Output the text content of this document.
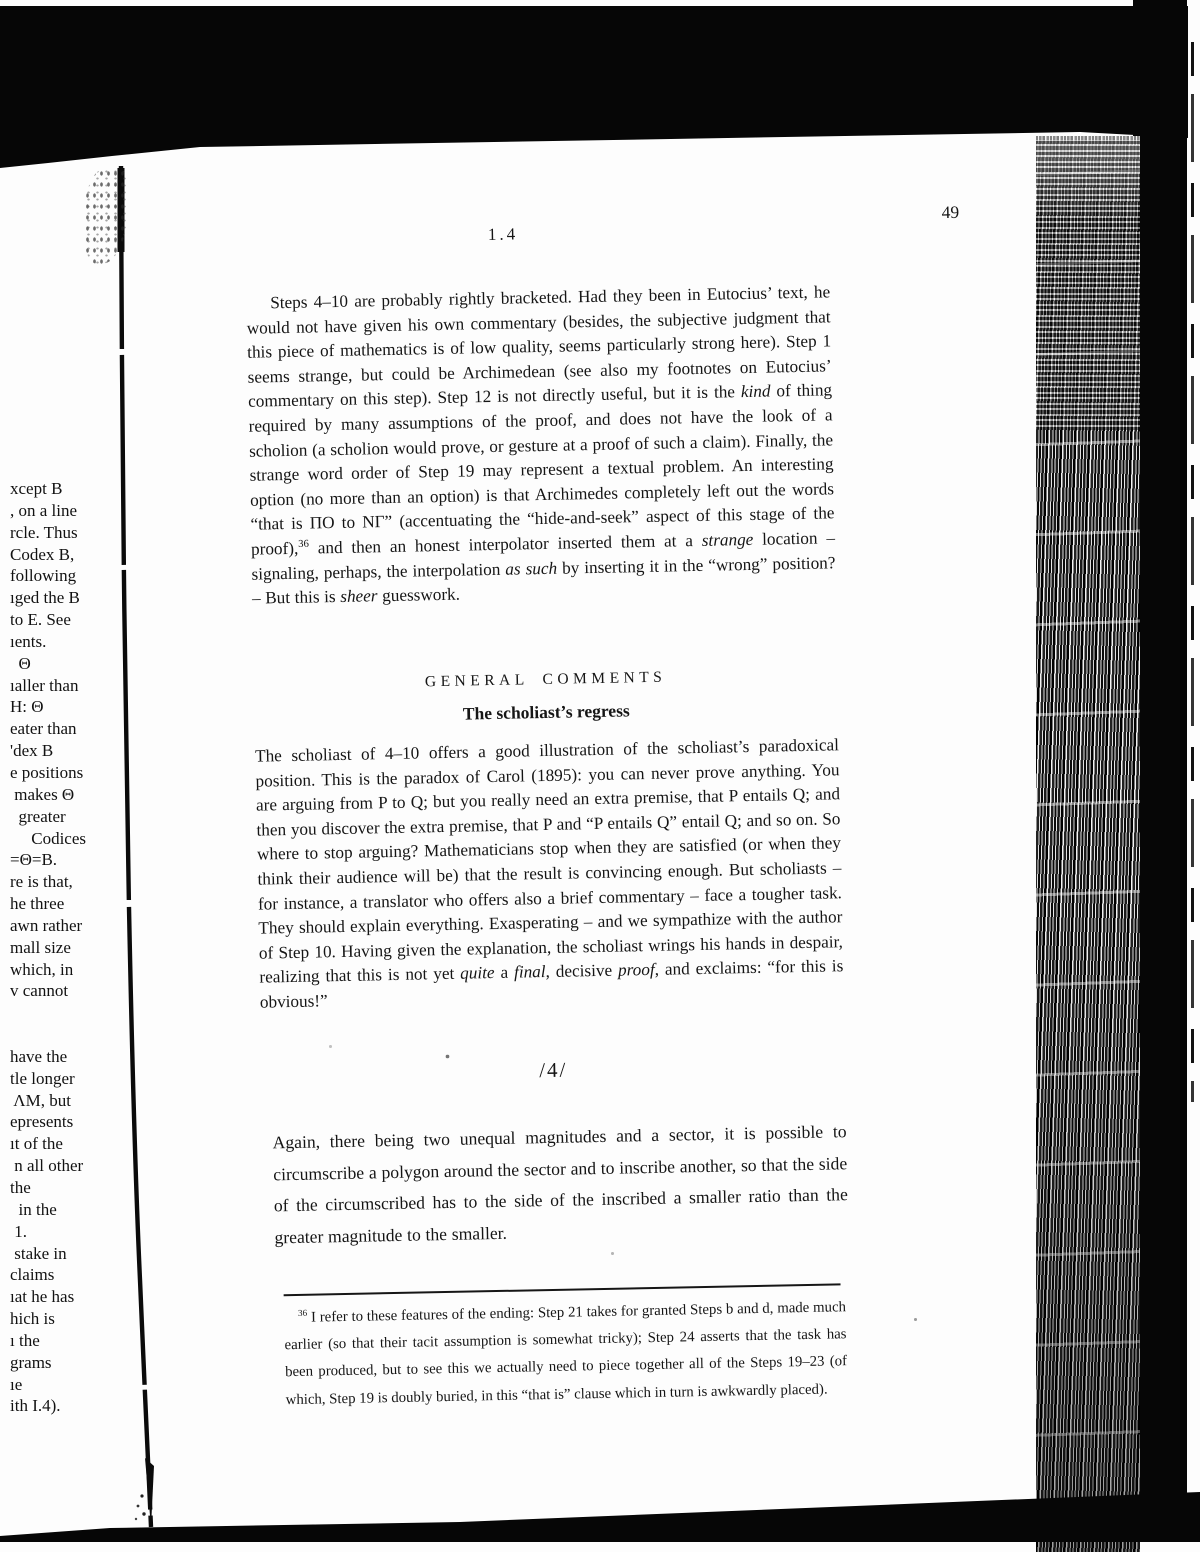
xcept B
, on a line
rcle. Thus
Codex B,
following
ıged the B
to E. See
ıents.
Θ
ıaller than
H: Θ
eater than
'dex B
e positions
makes Θ
greater
Codices
=Θ=B.
re is that,
he three
awn rather
mall size
which, in
v cannot
have the
tle longer
ΛM, but
epresents
ıt of the
n all other
the
in the
1.
stake in
claims
ıat he has
hich is
ı the
grams
ıe
ith I.4).
1.4
49

Steps 4–10 are probably rightly bracketed. Had they been in Eutocius’ text, he would not have given his own commentary (besides, the subjective judgment that this piece of mathematics is of low quality, seems particularly strong here). Step 1 seems strange, but could be Archimedean (see also my footnotes on Eutocius’ commentary on this step). Step 12 is not directly useful, but it is the kind of thing required by many assumptions of the proof, and does not have the look of a scholion (a scholion would prove, or gesture at a proof of such a claim). Finally, the strange word order of Step 19 may represent a textual problem. An interesting option (no more than an option) is that Archimedes completely left out the words “that is ΠΟ to ΝΓ” (accentuating the “hide-and-seek” aspect of this stage of the proof),$^{36}$ and then an honest interpolator inserted them at a strange location – signaling, perhaps, the interpolation as such by inserting it in the “wrong” position? – But this is sheer guesswork.

GENERAL COMMENTS
The scholiast’s regress

The scholiast of 4–10 offers a good illustration of the scholiast’s paradoxical position. This is the paradox of Carol (1895): you can never prove anything. You are arguing from P to Q; but you really need an extra premise, that P entails Q; and then you discover the extra premise, that P and “P entails Q” entail Q; and so on. So where to stop arguing? Mathematicians stop when they are satisfied (or when they think their audience will be) that the result is convincing enough. But scholiasts – for instance, a translator who offers also a brief commentary – face a tougher task. They should explain everything. Exasperating – and we sympathize with the author of Step 10. Having given the explanation, the scholiast wrings his hands in despair, realizing that this is not yet quite a final, decisive proof, and exclaims: “for this is obvious!”

/4/

Again, there being two unequal magnitudes and a sector, it is possible to circumscribe a polygon around the sector and to inscribe another, so that the side of the circumscribed has to the side of the inscribed a smaller ratio than the greater magnitude to the smaller.

$^{36}$ I refer to these features of the ending: Step 21 takes for granted Steps b and d, made much earlier (so that their tacit assumption is somewhat tricky); Step 24 asserts that the task has been produced, but to see this we actually need to piece together all of the Steps 19–23 (of which, Step 19 is doubly buried, in this “that is” clause which in turn is awkwardly placed).
